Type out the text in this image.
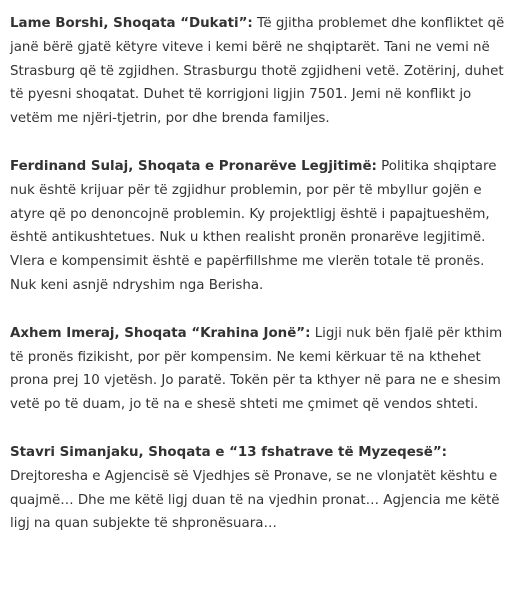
Lame Borshi, Shoqata “Dukati”: Të gjitha problemet dhe konfliktet që janë bërë gjatë këtyre viteve i kemi bërë ne shqiptarët. Tani ne vemi në Strasburg që të zgjidhen. Strasburgu thotë zgjidheni vetë. Zotërinj, duhet të pyesni shoqatat. Duhet të korrigjoni ligjin 7501. Jemi në konflikt jo vetëm me njëri-tjetrin, por dhe brenda familjes.

Ferdinand Sulaj, Shoqata e Pronarëve Legjitimë: Politika shqiptare nuk është krijuar për të zgjidhur problemin, por për të mbyllur gojën e atyre që po denoncojnë problemin. Ky projektligj është i papajtueshëm, është antikushtetues. Nuk u kthen realisht pronën pronarëve legjitimë. Vlera e kompensimit është e papërfillshme me vlerën totale të pronës. Nuk keni asnjë ndryshim nga Berisha.

Axhem Imeraj, Shoqata “Krahina Jonë”: Ligji nuk bën fjalë për kthim të pronës fizikisht, por për kompensim. Ne kemi kërkuar të na kthehet prona prej 10 vjetësh. Jo paratë. Tokën për ta kthyer në para ne e shesim vetë po të duam, jo të na e shesë shteti me çmimet që vendos shteti.

Stavri Simanjaku, Shoqata e “13 fshatrave të Myzeqesë”:
Drejtoresha e Agjencisë së Vjedhjes së Pronave, se ne vlonjatët kështu e quajmë… Dhe me këtë ligj duan të na vjedhin pronat… Agjencia me këtë ligj na quan subjekte të shpronësuara…
